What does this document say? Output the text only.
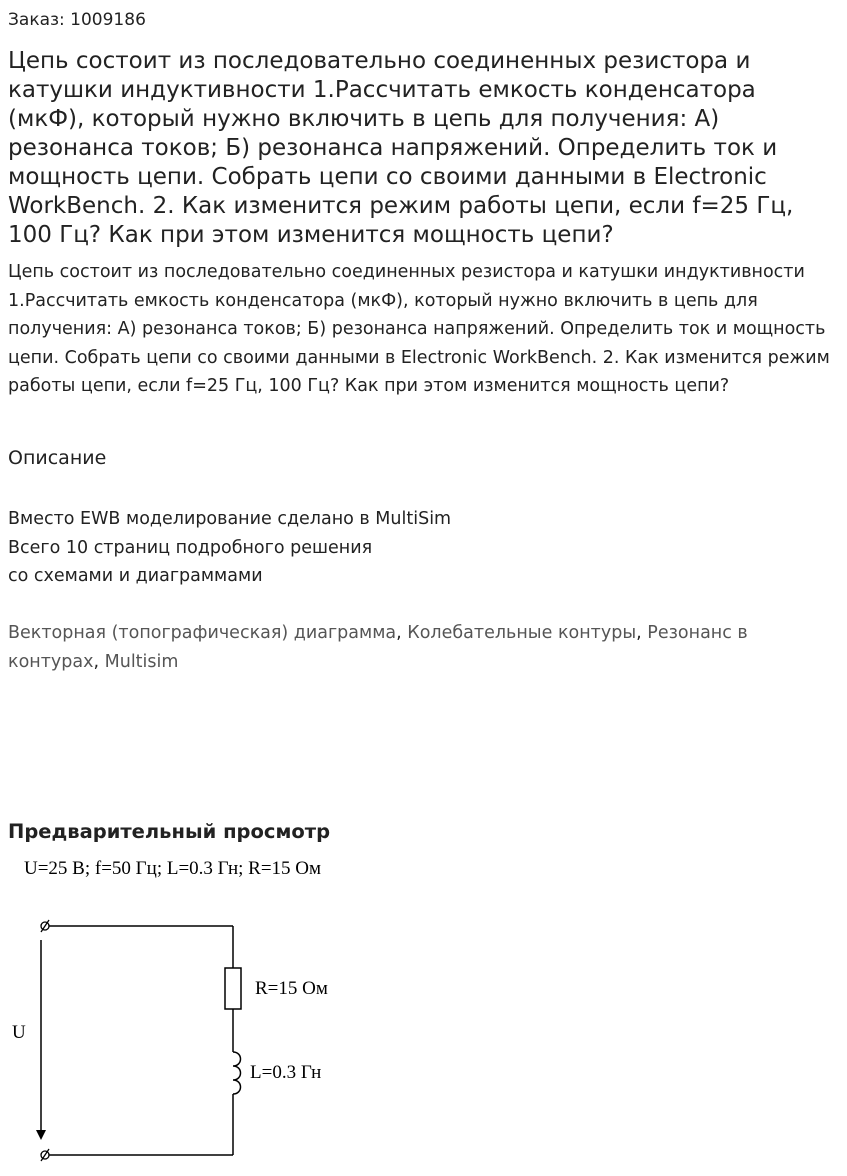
Заказ: 1009186
Цепь состоит из последовательно соединенных резистора и катушки индуктивности 1.Рассчитать емкость конденсатора (мкФ), который нужно включить в цепь для получения: А) резонанса токов; Б) резонанса напряжений. Определить ток и мощность цепи. Собрать цепи со своими данными в Electronic WorkBench. 2. Как изменится режим работы цепи, если f=25 Гц, 100 Гц? Как при этом изменится мощность цепи?

Цепь состоит из последовательно соединенных резистора и катушки индуктивности 1.Рассчитать емкость конденсатора (мкФ), который нужно включить в цепь для получения: А) резонанса токов; Б) резонанса напряжений. Определить ток и мощность цепи. Собрать цепи со своими данными в Electronic WorkBench. 2. Как изменится режим работы цепи, если f=25 Гц, 100 Гц? Как при этом изменится мощность цепи?

Описание
Вместо EWB моделирование сделано в MultiSim
Всего 10 страниц подробного решения
со схемами и диаграммами
Векторная (топографическая) диаграмма, Колебательные контуры, Резонанс в контурах, Multisim
Предварительный просмотр
U=25 В; f=50 Гц; L=0.3 Гн; R=15 Ом
R=15 Ом
L=0.3 Гн
U
